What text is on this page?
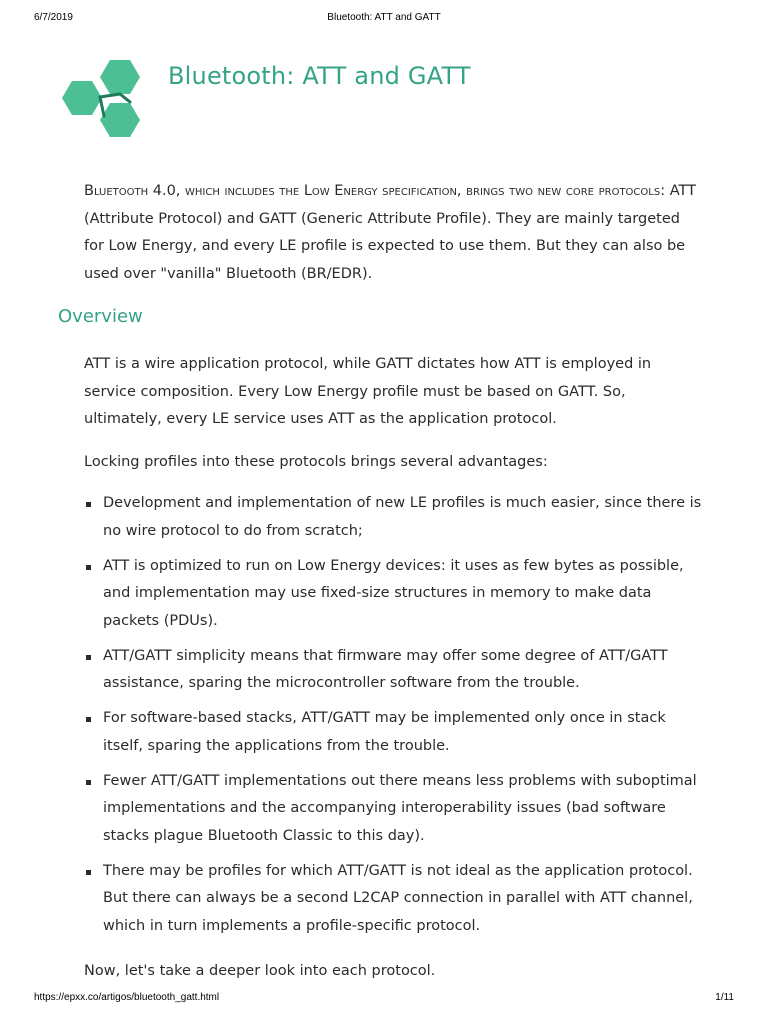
6/7/2019	Bluetooth: ATT and GATT
Bluetooth: ATT and GATT

Bluetooth 4.0, which includes the Low Energy specification, brings two new core protocols: ATT (Attribute Protocol) and GATT (Generic Attribute Profile). They are mainly targeted for Low Energy, and every LE profile is expected to use them. But they can also be used over "vanilla" Bluetooth (BR/EDR).

Overview

ATT is a wire application protocol, while GATT dictates how ATT is employed in service composition. Every Low Energy profile must be based on GATT. So, ultimately, every LE service uses ATT as the application protocol.

Locking profiles into these protocols brings several advantages:

Development and implementation of new LE profiles is much easier, since there is no wire protocol to do from scratch;
ATT is optimized to run on Low Energy devices: it uses as few bytes as possible, and implementation may use fixed-size structures in memory to make data packets (PDUs).
ATT/GATT simplicity means that firmware may offer some degree of ATT/GATT assistance, sparing the microcontroller software from the trouble.
For software-based stacks, ATT/GATT may be implemented only once in stack itself, sparing the applications from the trouble.
Fewer ATT/GATT implementations out there means less problems with suboptimal implementations and the accompanying interoperability issues (bad software stacks plague Bluetooth Classic to this day).
There may be profiles for which ATT/GATT is not ideal as the application protocol. But there can always be a second L2CAP connection in parallel with ATT channel, which in turn implements a profile-specific protocol.

Now, let's take a deeper look into each protocol.

https://epxx.co/artigos/bluetooth_gatt.html	1/11
